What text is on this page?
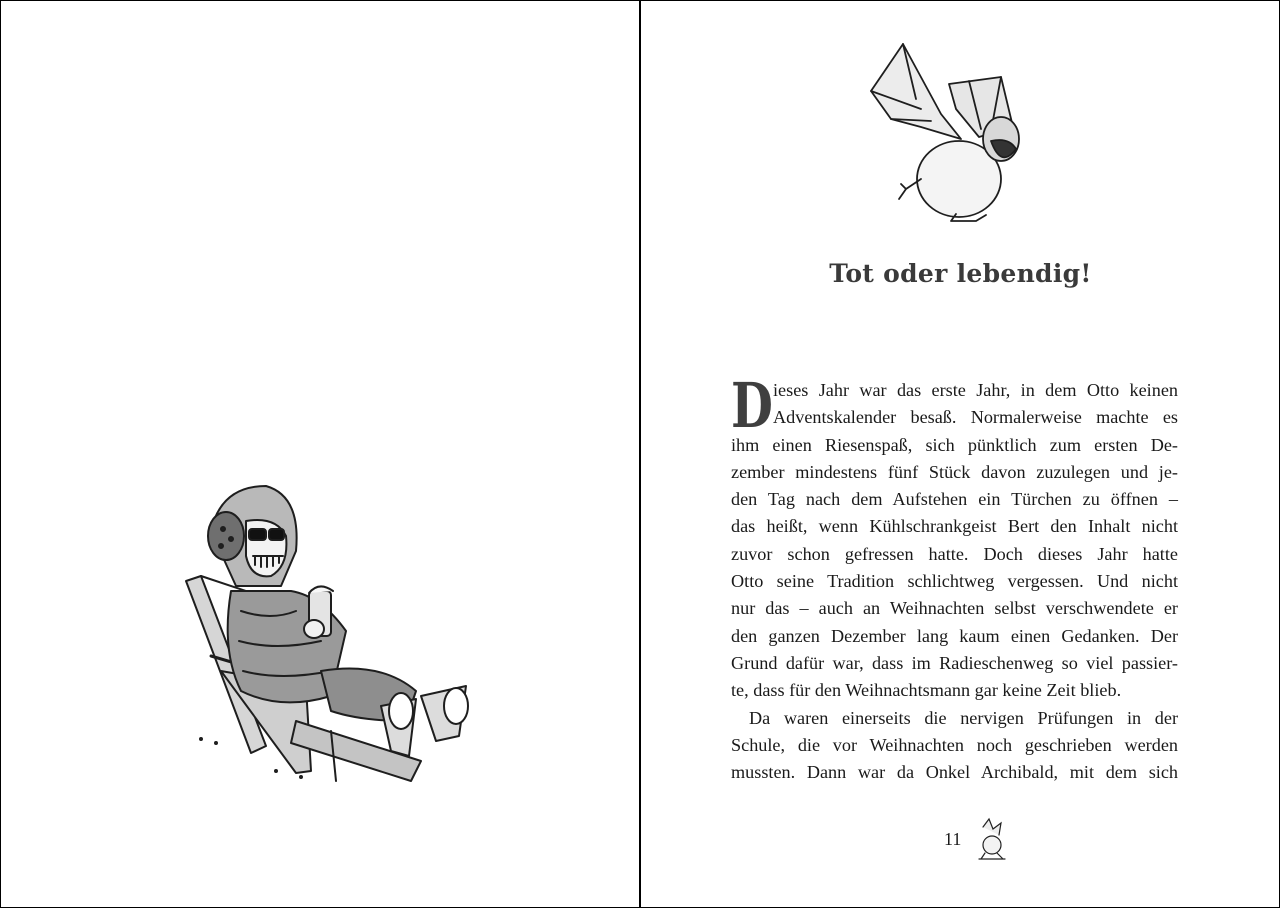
Tot oder lebendig!
D ieses Jahr war das erste Jahr, in dem Otto keinen
Adventskalender besaß. Normalerweise machte es
ihm einen Riesenspaß, sich pünktlich zum ersten De-
zember mindestens fünf Stück davon zuzulegen und je-
den Tag nach dem Aufstehen ein Türchen zu öffnen –
das heißt, wenn Kühlschrankgeist Bert den Inhalt nicht
zuvor schon gefressen hatte. Doch dieses Jahr hatte
Otto seine Tradition schlichtweg vergessen. Und nicht
nur das – auch an Weihnachten selbst verschwendete er
den ganzen Dezember lang kaum einen Gedanken. Der
Grund dafür war, dass im Radieschenweg so viel passier-
te, dass für den Weihnachtsmann gar keine Zeit blieb.
Da waren einerseits die nervigen Prüfungen in der
Schule, die vor Weihnachten noch geschrieben werden
mussten. Dann war da Onkel Archibald, mit dem sich
11
